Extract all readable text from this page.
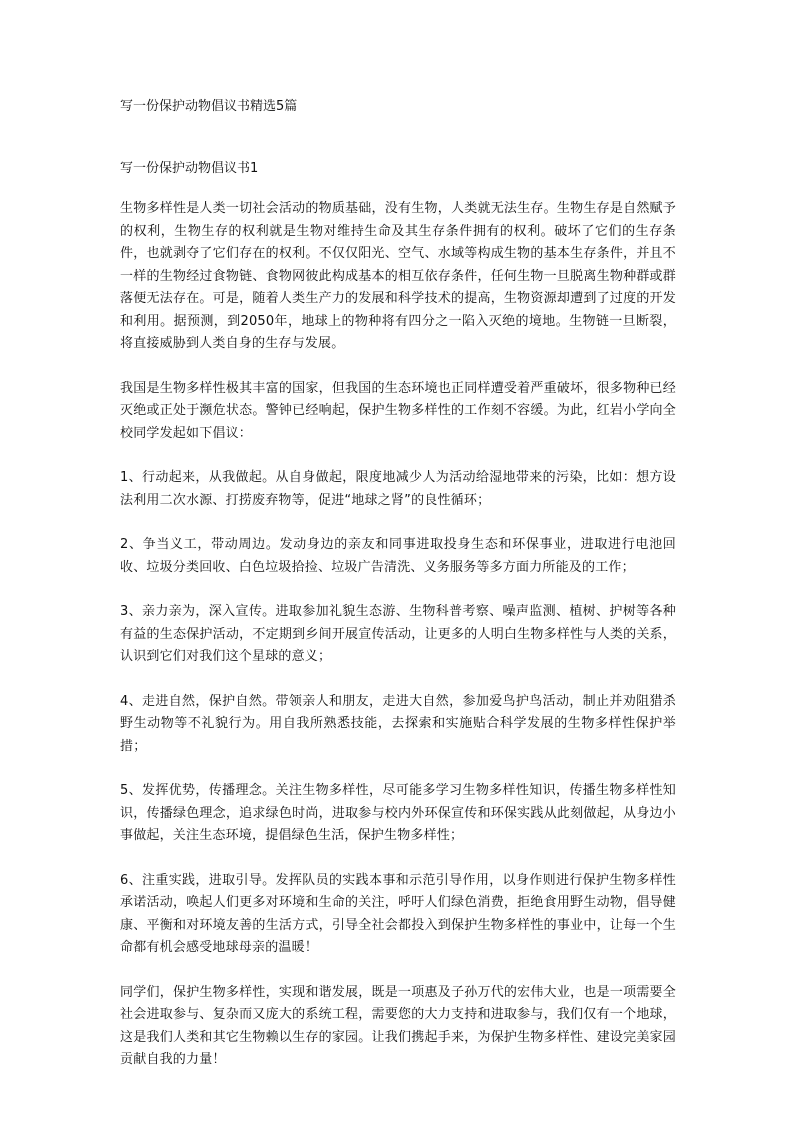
写一份保护动物倡议书精选5篇
写一份保护动物倡议书1

生物多样性是人类一切社会活动的物质基础，没有生物，人类就无法生存。生物生存是自然赋予的权利，生物生存的权利就是生物对维持生命及其生存条件拥有的权利。破坏了它们的生存条件，也就剥夺了它们存在的权利。不仅仅阳光、空气、水域等构成生物的基本生存条件，并且不一样的生物经过食物链、食物网彼此构成基本的相互依存条件，任何生物一旦脱离生物种群或群落便无法存在。可是，随着人类生产力的发展和科学技术的提高，生物资源却遭到了过度的开发和利用。据预测，到2050年，地球上的物种将有四分之一陷入灭绝的境地。生物链一旦断裂，将直接威胁到人类自身的生存与发展。

我国是生物多样性极其丰富的国家，但我国的生态环境也正同样遭受着严重破坏，很多物种已经灭绝或正处于濒危状态。警钟已经响起，保护生物多样性的工作刻不容缓。为此，红岩小学向全校同学发起如下倡议：

1、行动起来，从我做起。从自身做起，限度地减少人为活动给湿地带来的污染，比如：想方设法利用二次水源、打捞废弃物等，促进“地球之肾”的良性循环；

2、争当义工，带动周边。发动身边的亲友和同事进取投身生态和环保事业，进取进行电池回收、垃圾分类回收、白色垃圾拾捡、垃圾广告清洗、义务服务等多方面力所能及的工作；

3、亲力亲为，深入宣传。进取参加礼貌生态游、生物科普考察、噪声监测、植树、护树等各种有益的生态保护活动，不定期到乡间开展宣传活动，让更多的人明白生物多样性与人类的关系，认识到它们对我们这个星球的意义；

4、走进自然，保护自然。带领亲人和朋友，走进大自然，参加爱鸟护鸟活动，制止并劝阻猎杀野生动物等不礼貌行为。用自我所熟悉技能，去探索和实施贴合科学发展的生物多样性保护举措；

5、发挥优势，传播理念。关注生物多样性，尽可能多学习生物多样性知识，传播生物多样性知识，传播绿色理念，追求绿色时尚，进取参与校内外环保宣传和环保实践从此刻做起，从身边小事做起，关注生态环境，提倡绿色生活，保护生物多样性；

6、注重实践，进取引导。发挥队员的实践本事和示范引导作用，以身作则进行保护生物多样性承诺活动，唤起人们更多对环境和生命的关注，呼吁人们绿色消费，拒绝食用野生动物，倡导健康、平衡和对环境友善的生活方式，引导全社会都投入到保护生物多样性的事业中，让每一个生命都有机会感受地球母亲的温暖！

同学们，保护生物多样性，实现和谐发展，既是一项惠及子孙万代的宏伟大业，也是一项需要全社会进取参与、复杂而又庞大的系统工程，需要您的大力支持和进取参与，我们仅有一个地球，这是我们人类和其它生物赖以生存的家园。让我们携起手来，为保护生物多样性、建设完美家园贡献自我的力量！
